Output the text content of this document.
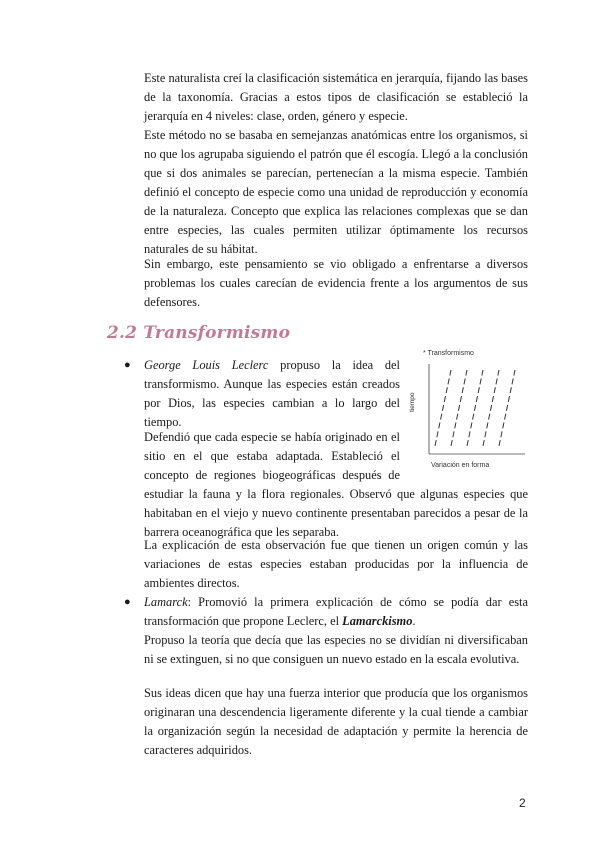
Este naturalista creí la clasificación sistemática en jerarquía, fijando las bases de la taxonomía. Gracias a estos tipos de clasificación se estableció la jerarquía en 4 niveles: clase, orden, género y especie.

Este método no se basaba en semejanzas anatómicas entre los organismos, si no que los agrupaba siguiendo el patrón que él escogía. Llegó a la conclusión que si dos animales se parecían, pertenecían a la misma especie. También definió el concepto de especie como una unidad de reproducción y economía de la naturaleza. Concepto que explica las relaciones complexas que se dan entre especies, las cuales permiten utilizar óptimamente los recursos naturales de su hábitat.

Sin embargo, este pensamiento se vio obligado a enfrentarse a diversos problemas los cuales carecían de evidencia frente a los argumentos de sus defensores.

2.2 Transformismo
● George Louis Leclerc propuso la idea del transformismo. Aunque las especies están creados por Dios, las especies cambian a lo largo del tiempo.

Defendió que cada especie se había originado en el sitio en el que estaba adaptada. Estableció el concepto de regiones biogeográficas después de estudiar la fauna y la flora regionales. Observó que algunas especies que habitaban en el viejo y nuevo continente presentaban parecidos a pesar de la barrera oceanográfica que les separaba.

La explicación de esta observación fue que tienen un origen común y las variaciones de estas especies estaban producidas por la influencia de ambientes directos.

* Transformismo
tiempo
Variación en forma
● Lamarck: Promovió la primera explicación de cómo se podía dar esta transformación que propone Leclerc, el Lamarckismo.

Propuso la teoría que decía que las especies no se dividían ni diversificaban ni se extinguen, si no que consiguen un nuevo estado en la escala evolutiva.

Sus ideas dicen que hay una fuerza interior que producía que los organismos originaran una descendencia ligeramente diferente y la cual tiende a cambiar la organización según la necesidad de adaptación y permite la herencia de caracteres adquiridos.

2
